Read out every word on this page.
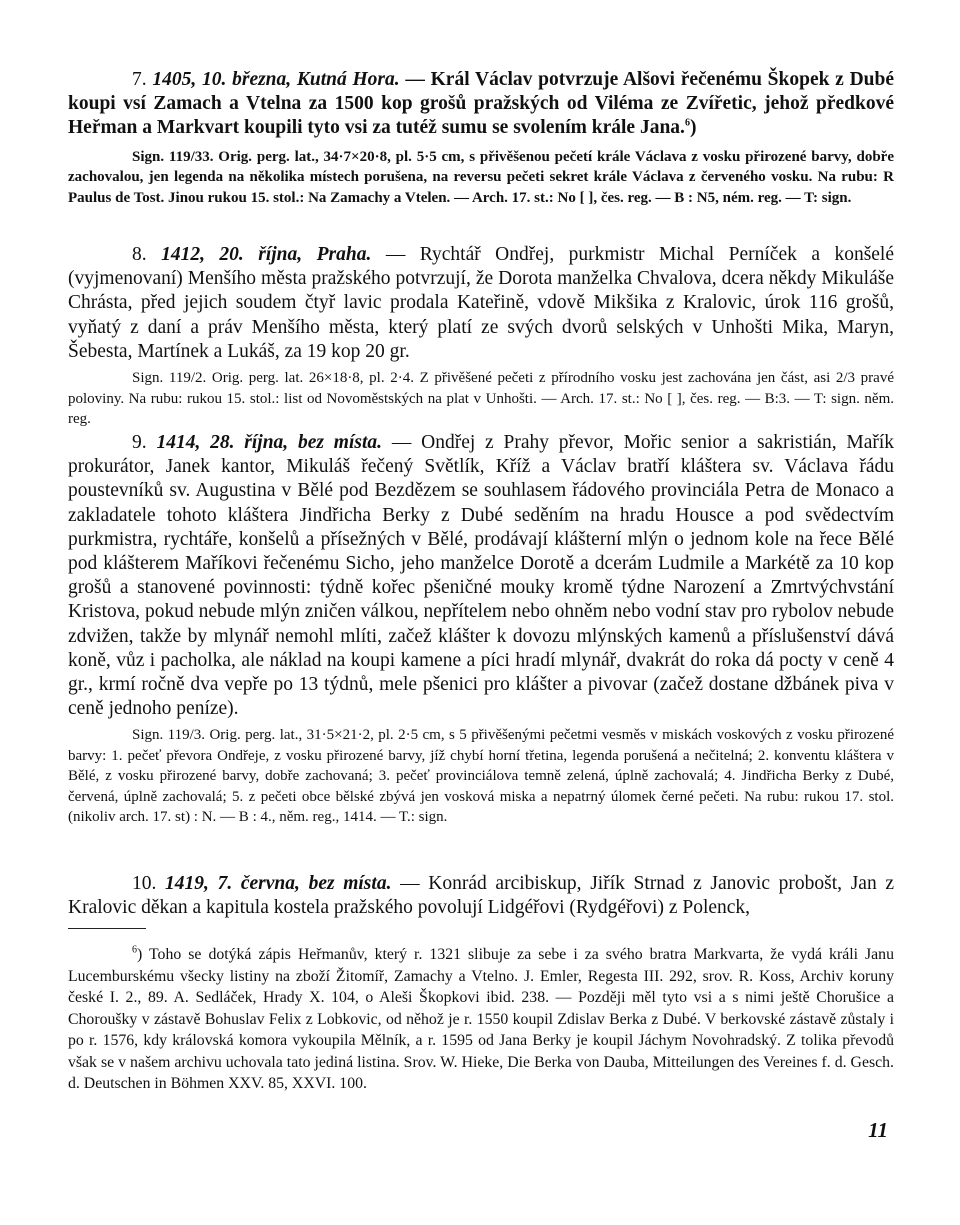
7. 1405, 10. března, Kutná Hora. — Král Václav potvrzuje Alšovi řečenému Škopek z Dubé koupi vsí Zamach a Vtelna za 1500 kop grošů pražských od Viléma ze Zvířetic, jehož předkové Heřman a Markvart koupili tyto vsi za tutéž sumu se svolením krále Jana.$^6$)

Sign. 119/33. Orig. perg. lat., 34·7×20·8, pl. 5·5 cm, s přivěšenou pečetí krále Václava z vosku přirozené barvy, dobře zachovalou, jen legenda na několika místech porušena, na reversu pečeti sekret krále Václava z červeného vosku. Na rubu: R Paulus de Tost. Jinou rukou 15. stol.: Na Zamachy a Vtelen. — Arch. 17. st.: No [ ], čes. reg. — B : N5, ném. reg. — T: sign.

8. 1412, 20. října, Praha. — Rychtář Ondřej, purkmistr Michal Perníček a konšelé (vyjmenovaní) Menšího města pražského potvrzují, že Dorota manželka Chvalova, dcera někdy Mikuláše Chrásta, před jejich soudem čtyř lavic prodala Kateřině, vdově Mikšika z Kralovic, úrok 116 grošů, vyňatý z daní a práv Menšího města, který platí ze svých dvorů selských v Unhošti Mika, Maryn, Šebesta, Martínek a Lukáš, za 19 kop 20 gr.

Sign. 119/2. Orig. perg. lat. 26×18·8, pl. 2·4. Z přivěšené pečeti z přírodního vosku jest zachována jen část, asi 2/3 pravé poloviny. Na rubu: rukou 15. stol.: list od Novoměstských na plat v Unhošti. — Arch. 17. st.: No [ ], čes. reg. — B:3. — T: sign. něm. reg.

9. 1414, 28. října, bez místa. — Ondřej z Prahy převor, Mořic senior a sakristián, Mařík prokurátor, Janek kantor, Mikuláš řečený Světlík, Kříž a Václav bratří kláštera sv. Václava řádu poustevníků sv. Augustina v Bělé pod Bezdězem se souhlasem řádového provinciála Petra de Monaco a zakladatele tohoto kláštera Jindřicha Berky z Dubé seděním na hradu Housce a pod svědectvím purkmistra, rychtáře, konšelů a přísežných v Bělé, prodávají klášterní mlýn o jednom kole na řece Bělé pod klášterem Maříkovi řečenému Sicho, jeho manželce Dorotě a dcerám Ludmile a Markétě za 10 kop grošů a stanovené povinnosti: týdně kořec pšeničné mouky kromě týdne Narození a Zmrtvýchvstání Kristova, pokud nebude mlýn zničen válkou, nepřítelem nebo ohněm nebo vodní stav pro rybolov nebude zdvižen, takže by mlynář nemohl mlíti, začež klášter k dovozu mlýnských kamenů a příslušenství dává koně, vůz i pacholka, ale náklad na koupi kamene a píci hradí mlynář, dvakrát do roka dá pocty v ceně 4 gr., krmí ročně dva vepře po 13 týdnů, mele pšenici pro klášter a pivovar (začež dostane džbánek piva v ceně jednoho peníze).

Sign. 119/3. Orig. perg. lat., 31·5×21·2, pl. 2·5 cm, s 5 přivěšenými pečetmi vesměs v miskách voskových z vosku přirozené barvy: 1. pečeť převora Ondřeje, z vosku přirozené barvy, jíž chybí horní třetina, legenda porušená a nečitelná; 2. konventu kláštera v Bělé, z vosku přirozené barvy, dobře zachovaná; 3. pečeť provinciálova temně zelená, úplně zachovalá; 4. Jindřicha Berky z Dubé, červená, úplně zachovalá; 5. z pečeti obce bělské zbývá jen vosková miska a nepatrný úlomek černé pečeti. Na rubu: rukou 17. stol. (nikoliv arch. 17. st) : N. — B : 4., něm. reg., 1414. — T.: sign.

10. 1419, 7. června, bez místa. — Konrád arcibiskup, Jiřík Strnad z Janovic probošt, Jan z Kralovic děkan a kapitula kostela pražského povolují Lidgéřovi (Rydgéřovi) z Polenck,

$^6$) Toho se dotýká zápis Heřmanův, který r. 1321 slibuje za sebe i za svého bratra Markvarta, že vydá králi Janu Lucemburskému všecky listiny na zboží Žitomíř, Zamachy a Vtelno. J. Emler, Regesta III. 292, srov. R. Koss, Archiv koruny české I. 2., 89. A. Sedláček, Hrady X. 104, o Aleši Škopkovi ibid. 238. — Později měl tyto vsi a s nimi ještě Chorušice a Choroušky v zástavě Bohuslav Felix z Lobkovic, od něhož je r. 1550 koupil Zdislav Berka z Dubé. V berkovské zástavě zůstaly i po r. 1576, kdy královská komora vykoupila Mělník, a r. 1595 od Jana Berky je koupil Jáchym Novohradský. Z tolika převodů však se v našem archivu uchovala tato jediná listina. Srov. W. Hieke, Die Berka von Dauba, Mitteilungen des Vereines f. d. Gesch. d. Deutschen in Böhmen XXV. 85, XXVI. 100.

11
